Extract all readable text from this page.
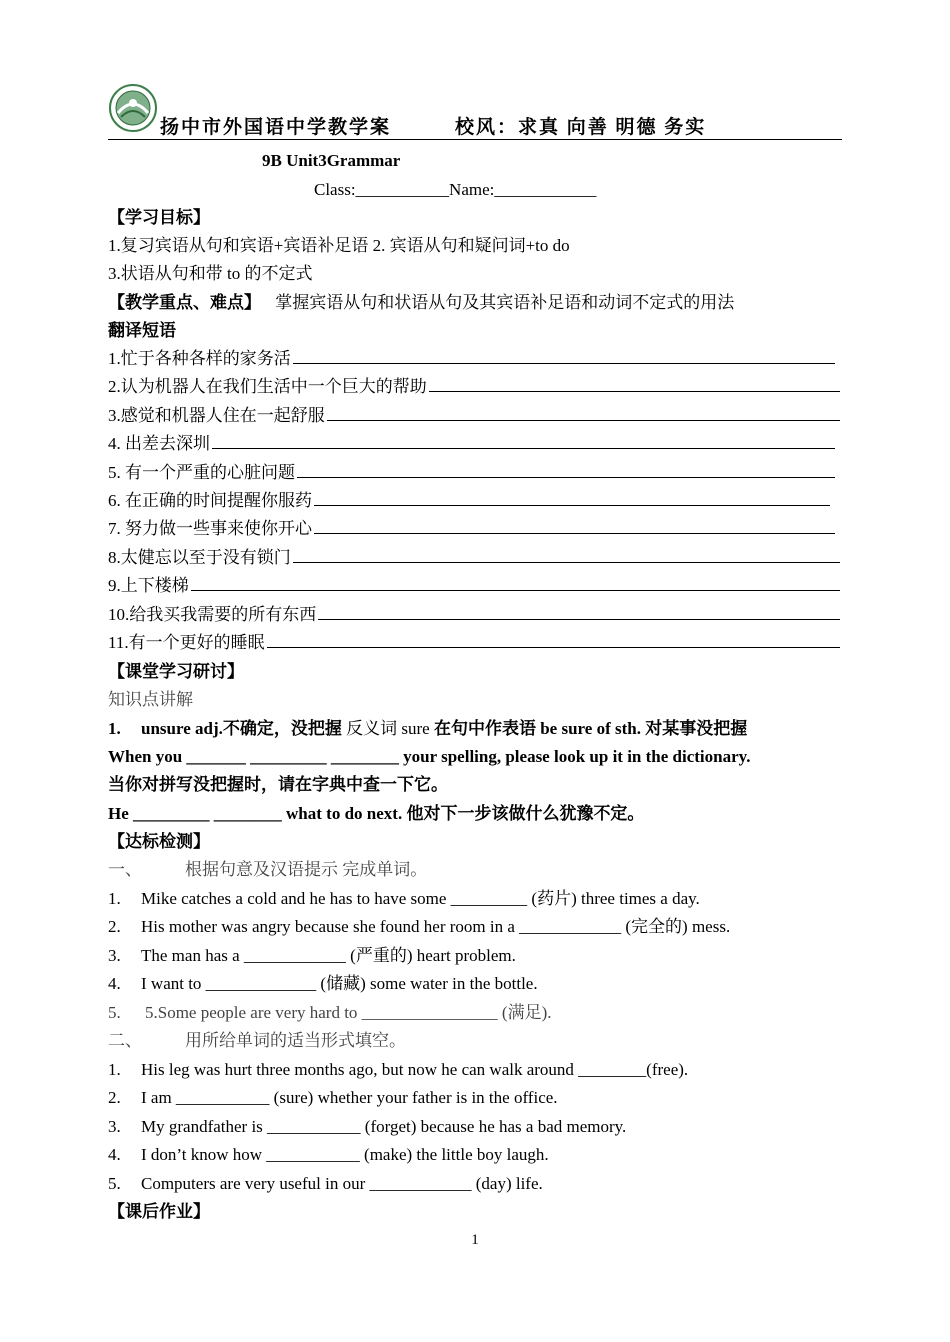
扬中市外国语中学教学案	校风：求真 向善 明德 务实
9B Unit3Grammar
Class:___________Name:____________
【学习目标】
1.复习宾语从句和宾语+宾语补足语 2. 宾语从句和疑问词+to do
3.状语从句和带 to 的不定式
【教学重点、难点】 掌握宾语从句和状语从句及其宾语补足语和动词不定式的用法
翻译短语
1.忙于各种各样的家务活
2.认为机器人在我们生活中一个巨大的帮助
3.感觉和机器人住在一起舒服
4. 出差去深圳
5. 有一个严重的心脏问题
6. 在正确的时间提醒你服药
7. 努力做一些事来使你开心
8.太健忘以至于没有锁门
9.上下楼梯
10.给我买我需要的所有东西
11.有一个更好的睡眠
【课堂学习研讨】
知识点讲解
1. unsure adj.不确定，没把握 反义词 sure 在句中作表语 be sure of sth. 对某事没把握
When you _______ _________ ________ your spelling, please look up it in the dictionary.
当你对拼写没把握时，请在字典中查一下它。
He _________ ________ what to do next. 他对下一步该做什么犹豫不定。
【达标检测】
一、	根据句意及汉语提示 完成单词。
1. Mike catches a cold and he has to have some _________ (药片) three times a day.
2. His mother was angry because she found her room in a ____________ (完全的) mess.
3. The man has a ____________ (严重的) heart problem.
4. I want to _____________ (储藏) some water in the bottle.
5. 5.Some people are very hard to ________________ (满足).
二、	用所给单词的适当形式填空。
1. His leg was hurt three months ago, but now he can walk around ________(free).
2. I am ___________ (sure) whether your father is in the office.
3. My grandfather is ___________ (forget) because he has a bad memory.
4. I don’t know how ___________ (make) the little boy laugh.
5. Computers are very useful in our ____________ (day) life.
【课后作业】
1
